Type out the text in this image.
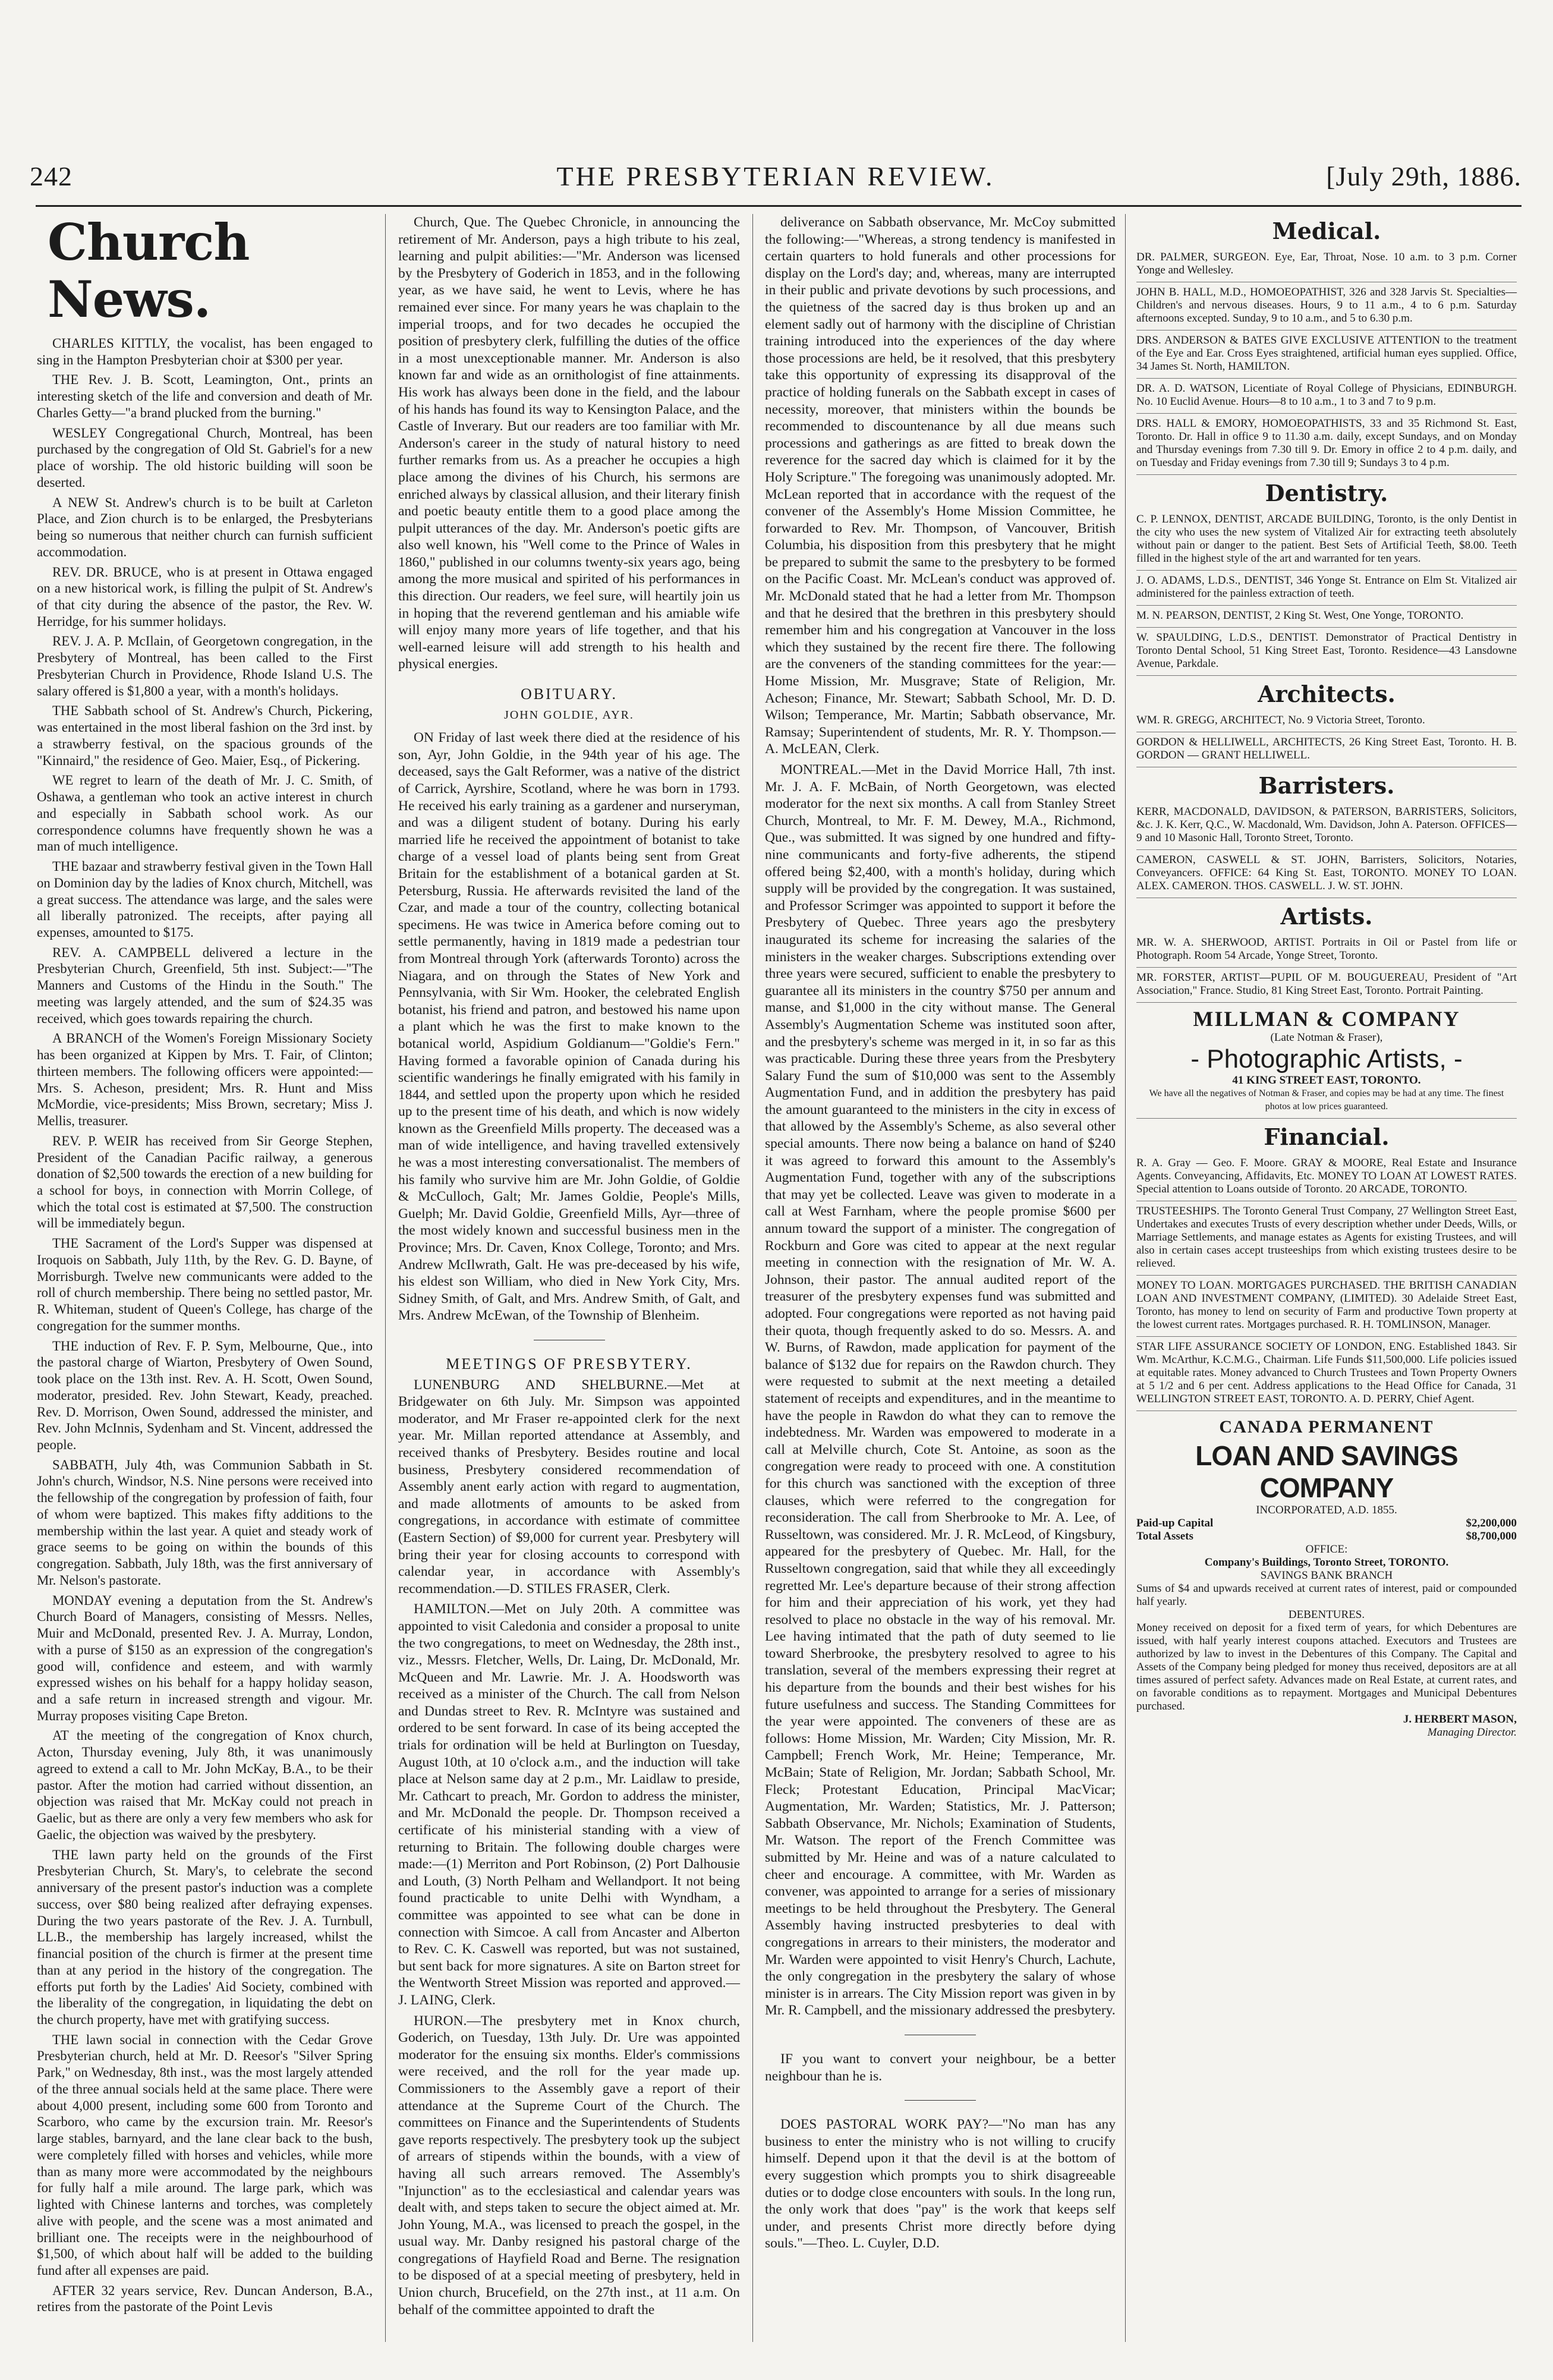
242	THE PRESBYTERIAN REVIEW.	[July 29th, 1886.
Church News.
CHARLES KITTLY, the vocalist, has been engaged to sing in the Hampton Presbyterian choir at $300 per year.
THE Rev. J. B. Scott, Leamington, Ont., prints an interesting sketch of the life and conversion and death of Mr. Charles Getty—"a brand plucked from the burning."
WESLEY Congregational Church, Montreal, has been purchased by the congregation of Old St. Gabriel's for a new place of worship. The old historic building will soon be deserted.
A NEW St. Andrew's church is to be built at Carleton Place, and Zion church is to be enlarged, the Presbyterians being so numerous that neither church can furnish sufficient accommodation.
REV. DR. BRUCE, who is at present in Ottawa engaged on a new historical work, is filling the pulpit of St. Andrew's of that city during the absence of the pastor, the Rev. W. Herridge, for his summer holidays.
REV. J. A. P. McIlain, of Georgetown congregation, in the Presbytery of Montreal, has been called to the First Presbyterian Church in Providence, Rhode Island U.S. The salary offered is $1,800 a year, with a month's holidays.
THE Sabbath school of St. Andrew's Church, Pickering, was entertained in the most liberal fashion on the 3rd inst. by a strawberry festival, on the spacious grounds of the "Kinnaird," the residence of Geo. Maier, Esq., of Pickering.
WE regret to learn of the death of Mr. J. C. Smith, of Oshawa, a gentleman who took an active interest in church and especially in Sabbath school work. As our correspondence columns have frequently shown he was a man of much intelligence.
THE bazaar and strawberry festival given in the Town Hall on Dominion day by the ladies of Knox church, Mitchell, was a great success. The attendance was large, and the sales were all liberally patronized. The receipts, after paying all expenses, amounted to $175.
REV. A. CAMPBELL delivered a lecture in the Presbyterian Church, Greenfield, 5th inst. Subject:—"The Manners and Customs of the Hindu in the South." The meeting was largely attended, and the sum of $24.35 was received, which goes towards repairing the church.
A BRANCH of the Women's Foreign Missionary Society has been organized at Kippen by Mrs. T. Fair, of Clinton; thirteen members. The following officers were appointed:—Mrs. S. Acheson, president; Mrs. R. Hunt and Miss McMordie, vice-presidents; Miss Brown, secretary; Miss J. Mellis, treasurer.
REV. P. WEIR has received from Sir George Stephen, President of the Canadian Pacific railway, a generous donation of $2,500 towards the erection of a new building for a school for boys, in connection with Morrin College, of which the total cost is estimated at $7,500. The construction will be immediately begun.
THE Sacrament of the Lord's Supper was dispensed at Iroquois on Sabbath, July 11th, by the Rev. G. D. Bayne, of Morrisburgh. Twelve new communicants were added to the roll of church membership. There being no settled pastor, Mr. R. Whiteman, student of Queen's College, has charge of the congregation for the summer months.
THE induction of Rev. F. P. Sym, Melbourne, Que., into the pastoral charge of Wiarton, Presbytery of Owen Sound, took place on the 13th inst. Rev. A. H. Scott, Owen Sound, moderator, presided. Rev. John Stewart, Keady, preached. Rev. D. Morrison, Owen Sound, addressed the minister, and Rev. John McInnis, Sydenham and St. Vincent, addressed the people.
SABBATH, July 4th, was Communion Sabbath in St. John's church, Windsor, N.S. Nine persons were received into the fellowship of the congregation by profession of faith, four of whom were baptized. This makes fifty additions to the membership within the last year. A quiet and steady work of grace seems to be going on within the bounds of this congregation. Sabbath, July 18th, was the first anniversary of Mr. Nelson's pastorate.
MONDAY evening a deputation from the St. Andrew's Church Board of Managers, consisting of Messrs. Nelles, Muir and McDonald, presented Rev. J. A. Murray, London, with a purse of $150 as an expression of the congregation's good will, confidence and esteem, and with warmly expressed wishes on his behalf for a happy holiday season, and a safe return in increased strength and vigour. Mr. Murray proposes visiting Cape Breton.
AT the meeting of the congregation of Knox church, Acton, Thursday evening, July 8th, it was unanimously agreed to extend a call to Mr. John McKay, B.A., to be their pastor. After the motion had carried without dissention, an objection was raised that Mr. McKay could not preach in Gaelic, but as there are only a very few members who ask for Gaelic, the objection was waived by the presbytery.
THE lawn party held on the grounds of the First Presbyterian Church, St. Mary's, to celebrate the second anniversary of the present pastor's induction was a complete success, over $80 being realized after defraying expenses. During the two years pastorate of the Rev. J. A. Turnbull, LL.B., the membership has largely increased, whilst the financial position of the church is firmer at the present time than at any period in the history of the congregation. The efforts put forth by the Ladies' Aid Society, combined with the liberality of the congregation, in liquidating the debt on the church property, have met with gratifying success.
THE lawn social in connection with the Cedar Grove Presbyterian church, held at Mr. D. Reesor's "Silver Spring Park," on Wednesday, 8th inst., was the most largely attended of the three annual socials held at the same place. There were about 4,000 present, including some 600 from Toronto and Scarboro, who came by the excursion train. Mr. Reesor's large stables, barnyard, and the lane clear back to the bush, were completely filled with horses and vehicles, while more than as many more were accommodated by the neighbours for fully half a mile around. The large park, which was lighted with Chinese lanterns and torches, was completely alive with people, and the scene was a most animated and brilliant one. The receipts were in the neighbourhood of $1,500, of which about half will be added to the building fund after all expenses are paid.
AFTER 32 years service, Rev. Duncan Anderson, B.A., retires from the pastorate of the Point Levis
Church, Que. The Quebec Chronicle, in announcing the retirement of Mr. Anderson, pays a high tribute to his zeal, learning and pulpit abilities:—"Mr. Anderson was licensed by the Presbytery of Goderich in 1853, and in the following year, as we have said, he went to Levis, where he has remained ever since. For many years he was chaplain to the imperial troops, and for two decades he occupied the position of presbytery clerk, fulfilling the duties of the office in a most unexceptionable manner. Mr. Anderson is also known far and wide as an ornithologist of fine attainments. His work has always been done in the field, and the labour of his hands has found its way to Kensington Palace, and the Castle of Inverary. But our readers are too familiar with Mr. Anderson's career in the study of natural history to need further remarks from us. As a preacher he occupies a high place among the divines of his Church, his sermons are enriched always by classical allusion, and their literary finish and poetic beauty entitle them to a good place among the pulpit utterances of the day. Mr. Anderson's poetic gifts are also well known, his "Well come to the Prince of Wales in 1860," published in our columns twenty-six years ago, being among the more musical and spirited of his performances in this direction. Our readers, we feel sure, will heartily join us in hoping that the reverend gentleman and his amiable wife will enjoy many more years of life together, and that his well-earned leisure will add strength to his health and physical energies.
OBITUARY.
JOHN GOLDIE, AYR.
ON Friday of last week there died at the residence of his son, Ayr, John Goldie, in the 94th year of his age. The deceased, says the Galt Reformer, was a native of the district of Carrick, Ayrshire, Scotland, where he was born in 1793. He received his early training as a gardener and nurseryman, and was a diligent student of botany. During his early married life he received the appointment of botanist to take charge of a vessel load of plants being sent from Great Britain for the establishment of a botanical garden at St. Petersburg, Russia. He afterwards revisited the land of the Czar, and made a tour of the country, collecting botanical specimens. He was twice in America before coming out to settle permanently, having in 1819 made a pedestrian tour from Montreal through York (afterwards Toronto) across the Niagara, and on through the States of New York and Pennsylvania, with Sir Wm. Hooker, the celebrated English botanist, his friend and patron, and bestowed his name upon a plant which he was the first to make known to the botanical world, Aspidium Goldianum—"Goldie's Fern." Having formed a favorable opinion of Canada during his scientific wanderings he finally emigrated with his family in 1844, and settled upon the property upon which he resided up to the present time of his death, and which is now widely known as the Greenfield Mills property. The deceased was a man of wide intelligence, and having travelled extensively he was a most interesting conversationalist. The members of his family who survive him are Mr. John Goldie, of Goldie & McCulloch, Galt; Mr. James Goldie, People's Mills, Guelph; Mr. David Goldie, Greenfield Mills, Ayr—three of the most widely known and successful business men in the Province; Mrs. Dr. Caven, Knox College, Toronto; and Mrs. Andrew McIlwrath, Galt. He was pre-deceased by his wife, his eldest son William, who died in New York City, Mrs. Sidney Smith, of Galt, and Mrs. Andrew Smith, of Galt, and Mrs. Andrew McEwan, of the Township of Blenheim.
MEETINGS OF PRESBYTERY.
LUNENBURG AND SHELBURNE.—Met at Bridgewater on 6th July. Mr. Simpson was appointed moderator, and Mr Fraser re-appointed clerk for the next year. Mr. Millan reported attendance at Assembly, and received thanks of Presbytery. Besides routine and local business, Presbytery considered recommendation of Assembly anent early action with regard to augmentation, and made allotments of amounts to be asked from congregations, in accordance with estimate of committee (Eastern Section) of $9,000 for current year. Presbytery will bring their year for closing accounts to correspond with calendar year, in accordance with Assembly's recommendation.—D. STILES FRASER, Clerk.
HAMILTON.—Met on July 20th. A committee was appointed to visit Caledonia and consider a proposal to unite the two congregations, to meet on Wednesday, the 28th inst., viz., Messrs. Fletcher, Wells, Dr. Laing, Dr. McDonald, Mr. McQueen and Mr. Lawrie. Mr. J. A. Hoodsworth was received as a minister of the Church. The call from Nelson and Dundas street to Rev. R. McIntyre was sustained and ordered to be sent forward. In case of its being accepted the trials for ordination will be held at Burlington on Tuesday, August 10th, at 10 o'clock a.m., and the induction will take place at Nelson same day at 2 p.m., Mr. Laidlaw to preside, Mr. Cathcart to preach, Mr. Gordon to address the minister, and Mr. McDonald the people. Dr. Thompson received a certificate of his ministerial standing with a view of returning to Britain. The following double charges were made:—(1) Merriton and Port Robinson, (2) Port Dalhousie and Louth, (3) North Pelham and Wellandport. It not being found practicable to unite Delhi with Wyndham, a committee was appointed to see what can be done in connection with Simcoe. A call from Ancaster and Alberton to Rev. C. K. Caswell was reported, but was not sustained, but sent back for more signatures. A site on Barton street for the Wentworth Street Mission was reported and approved.—J. LAING, Clerk.
HURON.—The presbytery met in Knox church, Goderich, on Tuesday, 13th July. Dr. Ure was appointed moderator for the ensuing six months. Elder's commissions were received, and the roll for the year made up. Commissioners to the Assembly gave a report of their attendance at the Supreme Court of the Church. The committees on Finance and the Superintendents of Students gave reports respectively. The presbytery took up the subject of arrears of stipends within the bounds, with a view of having all such arrears removed. The Assembly's "Injunction" as to the ecclesiastical and calendar years was dealt with, and steps taken to secure the object aimed at. Mr. John Young, M.A., was licensed to preach the gospel, in the usual way. Mr. Danby resigned his pastoral charge of the congregations of Hayfield Road and Berne. The resignation to be disposed of at a special meeting of presbytery, held in Union church, Brucefield, on the 27th inst., at 11 a.m. On behalf of the committee appointed to draft the
deliverance on Sabbath observance, Mr. McCoy submitted the following:—"Whereas, a strong tendency is manifested in certain quarters to hold funerals and other processions for display on the Lord's day; and, whereas, many are interrupted in their public and private devotions by such processions, and the quietness of the sacred day is thus broken up and an element sadly out of harmony with the discipline of Christian training introduced into the experiences of the day where those processions are held, be it resolved, that this presbytery take this opportunity of expressing its disapproval of the practice of holding funerals on the Sabbath except in cases of necessity, moreover, that ministers within the bounds be recommended to discountenance by all due means such processions and gatherings as are fitted to break down the reverence for the sacred day which is claimed for it by the Holy Scripture." The foregoing was unanimously adopted. Mr. McLean reported that in accordance with the request of the convener of the Assembly's Home Mission Committee, he forwarded to Rev. Mr. Thompson, of Vancouver, British Columbia, his disposition from this presbytery that he might be prepared to submit the same to the presbytery to be formed on the Pacific Coast. Mr. McLean's conduct was approved of. Mr. McDonald stated that he had a letter from Mr. Thompson and that he desired that the brethren in this presbytery should remember him and his congregation at Vancouver in the loss which they sustained by the recent fire there. The following are the conveners of the standing committees for the year:—Home Mission, Mr. Musgrave; State of Religion, Mr. Acheson; Finance, Mr. Stewart; Sabbath School, Mr. D. D. Wilson; Temperance, Mr. Martin; Sabbath observance, Mr. Ramsay; Superintendent of students, Mr. R. Y. Thompson.—A. McLEAN, Clerk.
MONTREAL.—Met in the David Morrice Hall, 7th inst. Mr. J. A. F. McBain, of North Georgetown, was elected moderator for the next six months. A call from Stanley Street Church, Montreal, to Mr. F. M. Dewey, M.A., Richmond, Que., was submitted. It was signed by one hundred and fifty-nine communicants and forty-five adherents, the stipend offered being $2,400, with a month's holiday, during which supply will be provided by the congregation. It was sustained, and Professor Scrimger was appointed to support it before the Presbytery of Quebec. Three years ago the presbytery inaugurated its scheme for increasing the salaries of the ministers in the weaker charges. Subscriptions extending over three years were secured, sufficient to enable the presbytery to guarantee all its ministers in the country $750 per annum and manse, and $1,000 in the city without manse. The General Assembly's Augmentation Scheme was instituted soon after, and the presbytery's scheme was merged in it, in so far as this was practicable. During these three years from the Presbytery Salary Fund the sum of $10,000 was sent to the Assembly Augmentation Fund, and in addition the presbytery has paid the amount guaranteed to the ministers in the city in excess of that allowed by the Assembly's Scheme, as also several other special amounts. There now being a balance on hand of $240 it was agreed to forward this amount to the Assembly's Augmentation Fund, together with any of the subscriptions that may yet be collected. Leave was given to moderate in a call at West Farnham, where the people promise $600 per annum toward the support of a minister. The congregation of Rockburn and Gore was cited to appear at the next regular meeting in connection with the resignation of Mr. W. A. Johnson, their pastor. The annual audited report of the treasurer of the presbytery expenses fund was submitted and adopted. Four congregations were reported as not having paid their quota, though frequently asked to do so. Messrs. A. and W. Burns, of Rawdon, made application for payment of the balance of $132 due for repairs on the Rawdon church. They were requested to submit at the next meeting a detailed statement of receipts and expenditures, and in the meantime to have the people in Rawdon do what they can to remove the indebtedness. Mr. Warden was empowered to moderate in a call at Melville church, Cote St. Antoine, as soon as the congregation were ready to proceed with one. A constitution for this church was sanctioned with the exception of three clauses, which were referred to the congregation for reconsideration. The call from Sherbrooke to Mr. A. Lee, of Russeltown, was considered. Mr. J. R. McLeod, of Kingsbury, appeared for the presbytery of Quebec. Mr. Hall, for the Russeltown congregation, said that while they all exceedingly regretted Mr. Lee's departure because of their strong affection for him and their appreciation of his work, yet they had resolved to place no obstacle in the way of his removal. Mr. Lee having intimated that the path of duty seemed to lie toward Sherbrooke, the presbytery resolved to agree to his translation, several of the members expressing their regret at his departure from the bounds and their best wishes for his future usefulness and success. The Standing Committees for the year were appointed. The conveners of these are as follows: Home Mission, Mr. Warden; City Mission, Mr. R. Campbell; French Work, Mr. Heine; Temperance, Mr. McBain; State of Religion, Mr. Jordan; Sabbath School, Mr. Fleck; Protestant Education, Principal MacVicar; Augmentation, Mr. Warden; Statistics, Mr. J. Patterson; Sabbath Observance, Mr. Nichols; Examination of Students, Mr. Watson. The report of the French Committee was submitted by Mr. Heine and was of a nature calculated to cheer and encourage. A committee, with Mr. Warden as convener, was appointed to arrange for a series of missionary meetings to be held throughout the Presbytery. The General Assembly having instructed presbyteries to deal with congregations in arrears to their ministers, the moderator and Mr. Warden were appointed to visit Henry's Church, Lachute, the only congregation in the presbytery the salary of whose minister is in arrears. The City Mission report was given in by Mr. R. Campbell, and the missionary addressed the presbytery.
IF you want to convert your neighbour, be a better neighbour than he is.
DOES PASTORAL WORK PAY?—"No man has any business to enter the ministry who is not willing to crucify himself. Depend upon it that the devil is at the bottom of every suggestion which prompts you to shirk disagreeable duties or to dodge close encounters with souls. In the long run, the only work that does "pay" is the work that keeps self under, and presents Christ more directly before dying souls."—Theo. L. Cuyler, D.D.
Medical.
DR. PALMER, SURGEON. Eye, Ear, Throat, Nose. 10 a.m. to 3 p.m. Corner Yonge and Wellesley.
JOHN B. HALL, M.D., HOMOEOPATHIST, 326 and 328 Jarvis St. Specialties—Children's and nervous diseases. Hours, 9 to 11 a.m., 4 to 6 p.m. Saturday afternoons excepted. Sunday, 9 to 10 a.m., and 5 to 6.30 p.m.
DRS. ANDERSON & BATES GIVE EXCLUSIVE ATTENTION to the treatment of the Eye and Ear. Cross Eyes straightened, artificial human eyes supplied. Office, 34 James St. North, HAMILTON.
DR. A. D. WATSON, Licentiate of Royal College of Physicians, EDINBURGH. No. 10 Euclid Avenue. Hours—8 to 10 a.m., 1 to 3 and 7 to 9 p.m.
DRS. HALL & EMORY, HOMOEOPATHISTS, 33 and 35 Richmond St. East, Toronto. Dr. Hall in office 9 to 11.30 a.m. daily, except Sundays, and on Monday and Thursday evenings from 7.30 till 9. Dr. Emory in office 2 to 4 p.m. daily, and on Tuesday and Friday evenings from 7.30 till 9; Sundays 3 to 4 p.m.
Dentistry.
C. P. LENNOX, DENTIST, ARCADE BUILDING, Toronto, is the only Dentist in the city who uses the new system of Vitalized Air for extracting teeth absolutely without pain or danger to the patient. Best Sets of Artificial Teeth, $8.00. Teeth filled in the highest style of the art and warranted for ten years.
J. O. ADAMS, L.D.S., DENTIST, 346 Yonge St. Entrance on Elm St. Vitalized air administered for the painless extraction of teeth.
M. N. PEARSON, DENTIST, 2 King St. West, One Yonge, TORONTO.
W. SPAULDING, L.D.S., DENTIST. Demonstrator of Practical Dentistry in Toronto Dental School, 51 King Street East, Toronto. Residence—43 Lansdowne Avenue, Parkdale.
Architects.
WM. R. GREGG, ARCHITECT, No. 9 Victoria Street, Toronto.
GORDON & HELLIWELL, ARCHITECTS, 26 King Street East, Toronto. H. B. GORDON — GRANT HELLIWELL.
Barristers.
KERR, MACDONALD, DAVIDSON, & PATERSON, BARRISTERS, Solicitors, &c. J. K. Kerr, Q.C., W. Macdonald, Wm. Davidson, John A. Paterson. OFFICES—9 and 10 Masonic Hall, Toronto Street, Toronto.
CAMERON, CASWELL & ST. JOHN, Barristers, Solicitors, Notaries, Conveyancers. OFFICE: 64 King St. East, TORONTO. MONEY TO LOAN. ALEX. CAMERON. THOS. CASWELL. J. W. ST. JOHN.
Artists.
MR. W. A. SHERWOOD, ARTIST. Portraits in Oil or Pastel from life or Photograph. Room 54 Arcade, Yonge Street, Toronto.
MR. FORSTER, ARTIST—PUPIL OF M. BOUGUEREAU, President of "Art Association," France. Studio, 81 King Street East, Toronto. Portrait Painting.
MILLMAN & COMPANY
(Late Notman & Fraser),
- Photographic Artists, -
41 KING STREET EAST, TORONTO.
We have all the negatives of Notman & Fraser, and copies may be had at any time. The finest photos at low prices guaranteed.
Financial.
R. A. Gray — Geo. F. Moore. GRAY & MOORE, Real Estate and Insurance Agents. Conveyancing, Affidavits, Etc. MONEY TO LOAN AT LOWEST RATES. Special attention to Loans outside of Toronto. 20 ARCADE, TORONTO.
TRUSTEESHIPS. The Toronto General Trust Company, 27 Wellington Street East, Undertakes and executes Trusts of every description whether under Deeds, Wills, or Marriage Settlements, and manage estates as Agents for existing Trustees, and will also in certain cases accept trusteeships from which existing trustees desire to be relieved.
MONEY TO LOAN. MORTGAGES PURCHASED. THE BRITISH CANADIAN LOAN AND INVESTMENT COMPANY, (LIMITED). 30 Adelaide Street East, Toronto, has money to lend on security of Farm and productive Town property at the lowest current rates. Mortgages purchased. R. H. TOMLINSON, Manager.
STAR LIFE ASSURANCE SOCIETY OF LONDON, ENG. Established 1843. Sir Wm. McArthur, K.C.M.G., Chairman. Life Funds $11,500,000. Life policies issued at equitable rates. Money advanced to Church Trustees and Town Property Owners at 5 1/2 and 6 per cent. Address applications to the Head Office for Canada, 31 WELLINGTON STREET EAST, TORONTO. A. D. PERRY, Chief Agent.
CANADA PERMANENT
LOAN AND SAVINGS COMPANY
INCORPORATED, A.D. 1855.
Paid-up Capital	$2,200,000
Total Assets	$8,700,000
OFFICE:
Company's Buildings, Toronto Street, TORONTO.
SAVINGS BANK BRANCH
Sums of $4 and upwards received at current rates of interest, paid or compounded half yearly.
DEBENTURES.
Money received on deposit for a fixed term of years, for which Debentures are issued, with half yearly interest coupons attached. Executors and Trustees are authorized by law to invest in the Debentures of this Company. The Capital and Assets of the Company being pledged for money thus received, depositors are at all times assured of perfect safety. Advances made on Real Estate, at current rates, and on favorable conditions as to repayment. Mortgages and Municipal Debentures purchased.
J. HERBERT MASON,
Managing Director.
